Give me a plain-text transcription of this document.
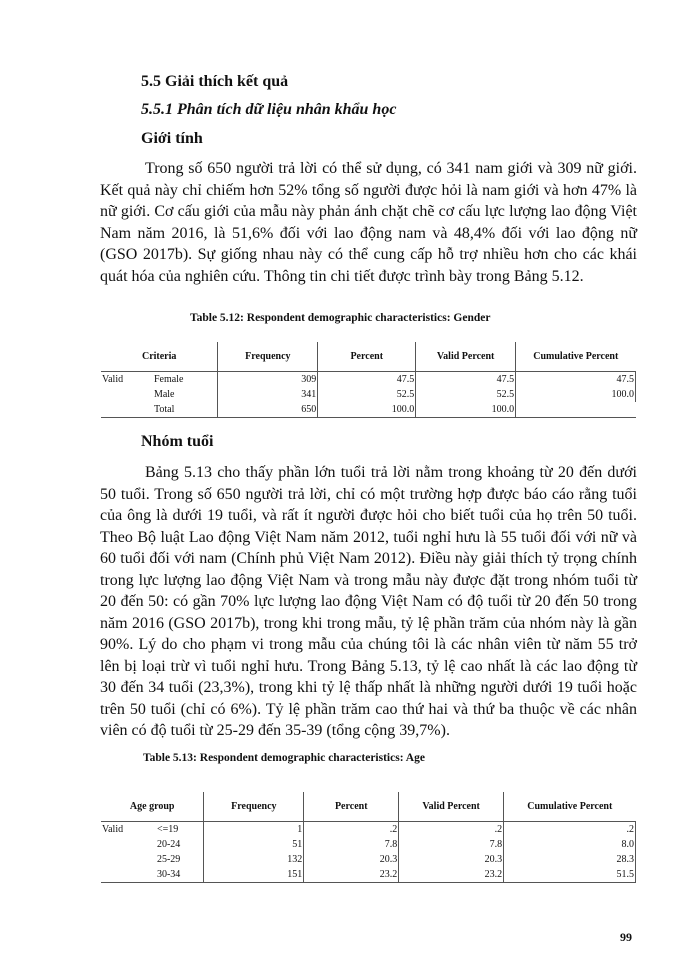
5.5 Giải thích kết quả

5.5.1 Phân tích dữ liệu nhân khẩu học

Giới tính

Trong số 650 người trả lời có thể sử dụng, có 341 nam giới và 309 nữ giới. Kết quả này chỉ chiếm hơn 52% tổng số người được hỏi là nam giới và hơn 47% là nữ giới. Cơ cấu giới của mẫu này phản ánh chặt chẽ cơ cấu lực lượng lao động Việt Nam năm 2016, là 51,6% đối với lao động nam và 48,4% đối với lao động nữ (GSO 2017b). Sự giống nhau này có thể cung cấp hỗ trợ nhiều hơn cho các khái quát hóa của nghiên cứu. Thông tin chi tiết được trình bày trong Bảng 5.12.

Table 5.12: Respondent demographic characteristics: Gender

Criteria		Frequency	Percent	Valid Percent	Cumulative Percent
Valid	Female	309	47.5	47.5	47.5
	Male	341	52.5	52.5	100.0
	Total	650	100.0	100.0	

Nhóm tuổi

Bảng 5.13 cho thấy phần lớn tuổi trả lời nằm trong khoảng từ 20 đến dưới 50 tuổi. Trong số 650 người trả lời, chỉ có một trường hợp được báo cáo rằng tuổi của ông là dưới 19 tuổi, và rất ít người được hỏi cho biết tuổi của họ trên 50 tuổi. Theo Bộ luật Lao động Việt Nam năm 2012, tuổi nghỉ hưu là 55 tuổi đối với nữ và 60 tuổi đối với nam (Chính phủ Việt Nam 2012). Điều này giải thích tỷ trọng chính trong lực lượng lao động Việt Nam và trong mẫu này được đặt trong nhóm tuổi từ 20 đến 50: có gần 70% lực lượng lao động Việt Nam có độ tuổi từ 20 đến 50 trong năm 2016 (GSO 2017b), trong khi trong mẫu, tỷ lệ phần trăm của nhóm này là gần 90%. Lý do cho phạm vi trong mẫu của chúng tôi là các nhân viên từ năm 55 trở lên bị loại trừ vì tuổi nghỉ hưu. Trong Bảng 5.13, tỷ lệ cao nhất là các lao động từ 30 đến 34 tuổi (23,3%), trong khi tỷ lệ thấp nhất là những người dưới 19 tuổi hoặc trên 50 tuổi (chỉ có 6%). Tỷ lệ phần trăm cao thứ hai và thứ ba thuộc về các nhân viên có độ tuổi từ 25-29 đến 35-39 (tổng cộng 39,7%).

Table 5.13: Respondent demographic characteristics: Age

Age group		Frequency	Percent	Valid Percent	Cumulative Percent
Valid	<=19	1	.2	.2	.2
	20-24	51	7.8	7.8	8.0
	25-29	132	20.3	20.3	28.3
	30-34	151	23.2	23.2	51.5
99
